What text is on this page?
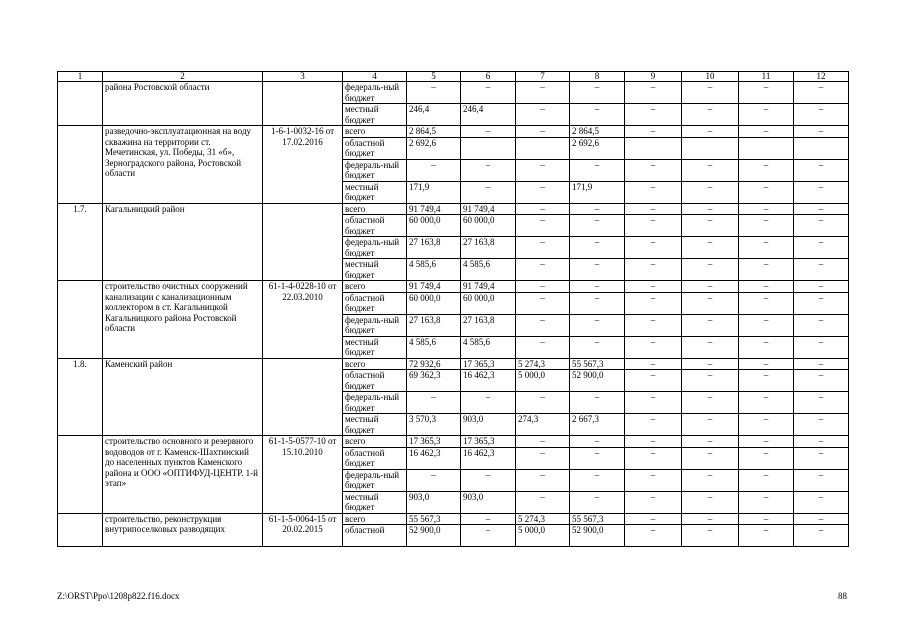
1	2	3	4	5	6	7	8	9	10	11	12
	района Ростовской области		федераль-ный бюджет	–	–	–	–	–	–	–	–
			местный бюджет	246,4	246,4	–	–	–	–	–	–
	разведочно-эксплуатационная на воду скважина на территории ст. Мечетинская, ул. Победы, 31 «б», Зерноградского района, Ростовской области	1-6-1-0032-16 от 17.02.2016	всего	2 864,5	–	–	2 864,5	–	–	–	–
			областной бюджет	2 692,6			2 692,6				
			федераль-ный бюджет	–	–	–	–	–	–	–	–
			местный бюджет	171,9	–	–	171,9	–	–	–	–
1.7.	Кагальницкий район		всего	91 749,4	91 749,4	–	–	–	–	–	–
			областной бюджет	60 000,0	60 000,0	–	–	–	–	–	–
			федераль-ный бюджет	27 163,8	27 163,8	–	–	–	–	–	–
			местный бюджет	4 585,6	4 585,6	–	–	–	–	–	–
	строительство очистных сооружений канализации с канализационным коллектором в ст. Кагальницкой Кагальницкого района Ростовской области	61-1-4-0228-10 от 22.03.2010	всего	91 749,4	91 749,4	–	–	–	–	–	–
			областной бюджет	60 000,0	60 000,0	–	–	–	–	–	–
			федераль-ный бюджет	27 163,8	27 163,8	–	–	–	–	–	–
			местный бюджет	4 585,6	4 585,6	–	–	–	–	–	–
1.8.	Каменский район		всего	72 932,6	17 365,3	5 274,3	55 567,3	–	–	–	–
			областной бюджет	69 362,3	16 462,3	5 000,0	52 900,0	–	–	–	–
			федераль-ный бюджет	–	–	–	–	–	–	–	–
			местный бюджет	3 570,3	903,0	274,3	2 667,3	–	–	–	–
	строительство основного и резервного водоводов от г. Каменск-Шахтинский до населенных пунктов Каменского района и ООО «ОПТИФУД-ЦЕНТР. 1-й этап»	61-1-5-0577-10 от 15.10.2010	всего	17 365,3	17 365,3	–	–	–	–	–	–
			областной бюджет	16 462,3	16 462,3	–	–	–	–	–	–
			федераль-ный бюджет	–	–	–	–	–	–	–	–
			местный бюджет	903,0	903,0	–	–	–	–	–	–
	строительство, реконструкция внутрипоселковых разводящих	61-1-5-0064-15 от 20.02.2015	всего	55 567,3	–	5 274,3	55 567,3	–	–	–	–
			областной	52 900,0	–	5 000,0	52 900,0	–	–	–	–
Z:\ORST\Ppo\1208p822.f16.docx	88
